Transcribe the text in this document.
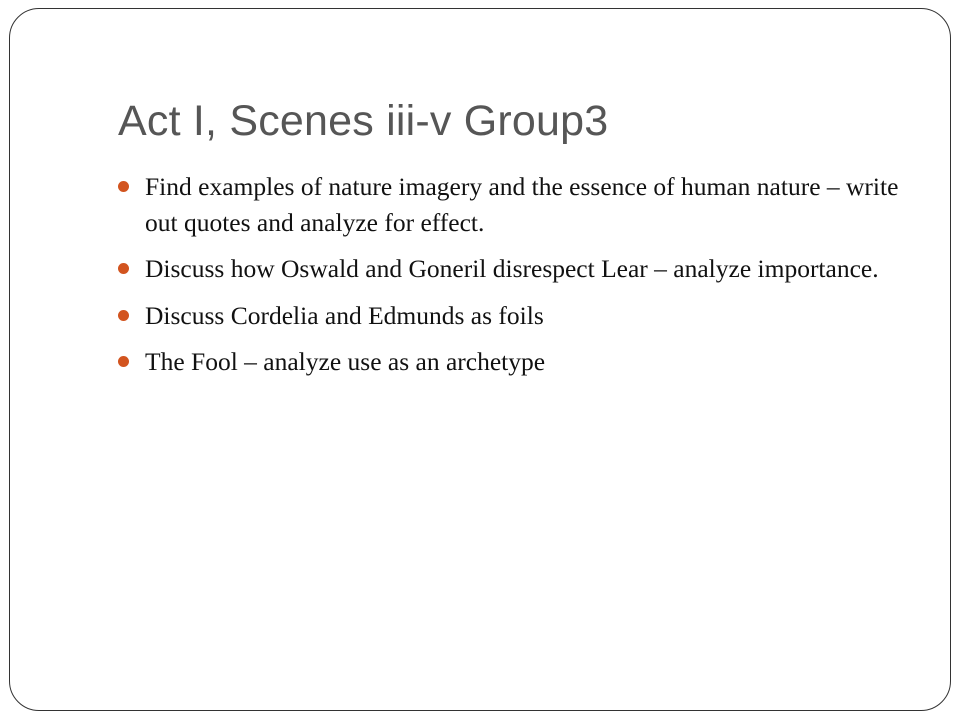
Act I, Scenes iii-v Group3
Find examples of nature imagery and the essence of human nature – write out quotes and analyze for effect.
Discuss how Oswald and Goneril disrespect Lear – analyze importance.
Discuss Cordelia and Edmunds as foils
The Fool – analyze use as an archetype
